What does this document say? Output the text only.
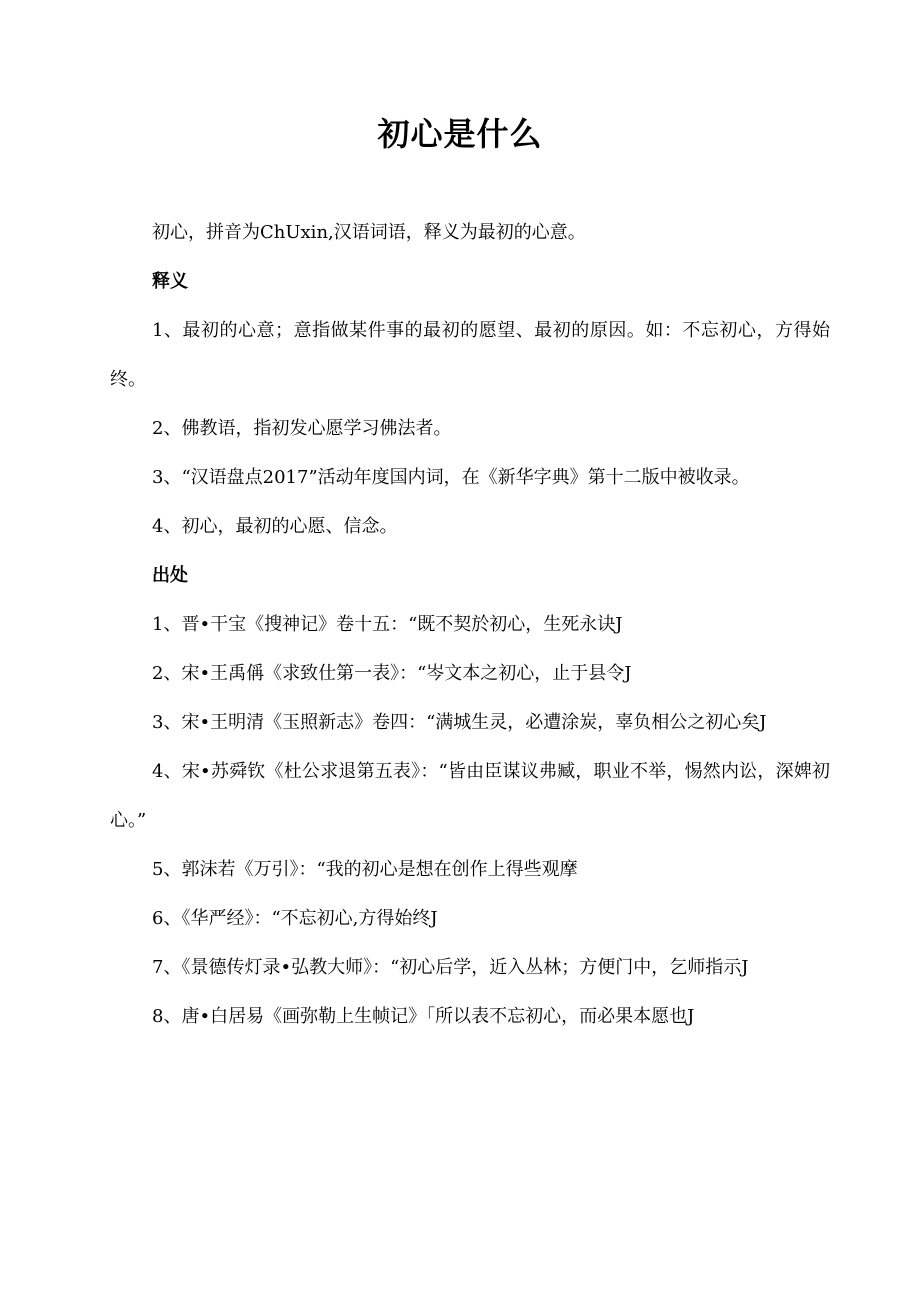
初心是什么

初心，拼音为ChUxin,汉语词语，释义为最初的心意。

释义

1、最初的心意；意指做某件事的最初的愿望、最初的原因。如：不忘初心，方得始终。

2、佛教语，指初发心愿学习佛法者。

3、“汉语盘点2017”活动年度国内词，在《新华字典》第十二版中被收录。

4、初心，最初的心愿、信念。

出处

1、晋•干宝《搜神记》卷十五：“既不契於初心，生死永诀J

2、宋•王禹偁《求致仕第一表》：“岑文本之初心，止于县令J

3、宋•王明清《玉照新志》卷四：“满城生灵，必遭涂炭，辜负相公之初心矣J

4、宋•苏舜钦《杜公求退第五表》：“皆由臣谋议弗臧，职业不举，惕然内讼，深婢初心。”

5、郭沫若《万引》：“我的初心是想在创作上得些观摩

6、《华严经》：“不忘初心,方得始终J

7、《景德传灯录•弘教大师》：“初心后学，近入丛林；方便门中，乞师指示J

8、唐•白居易《画弥勒上生帧记》「所以表不忘初心，而必果本愿也J
